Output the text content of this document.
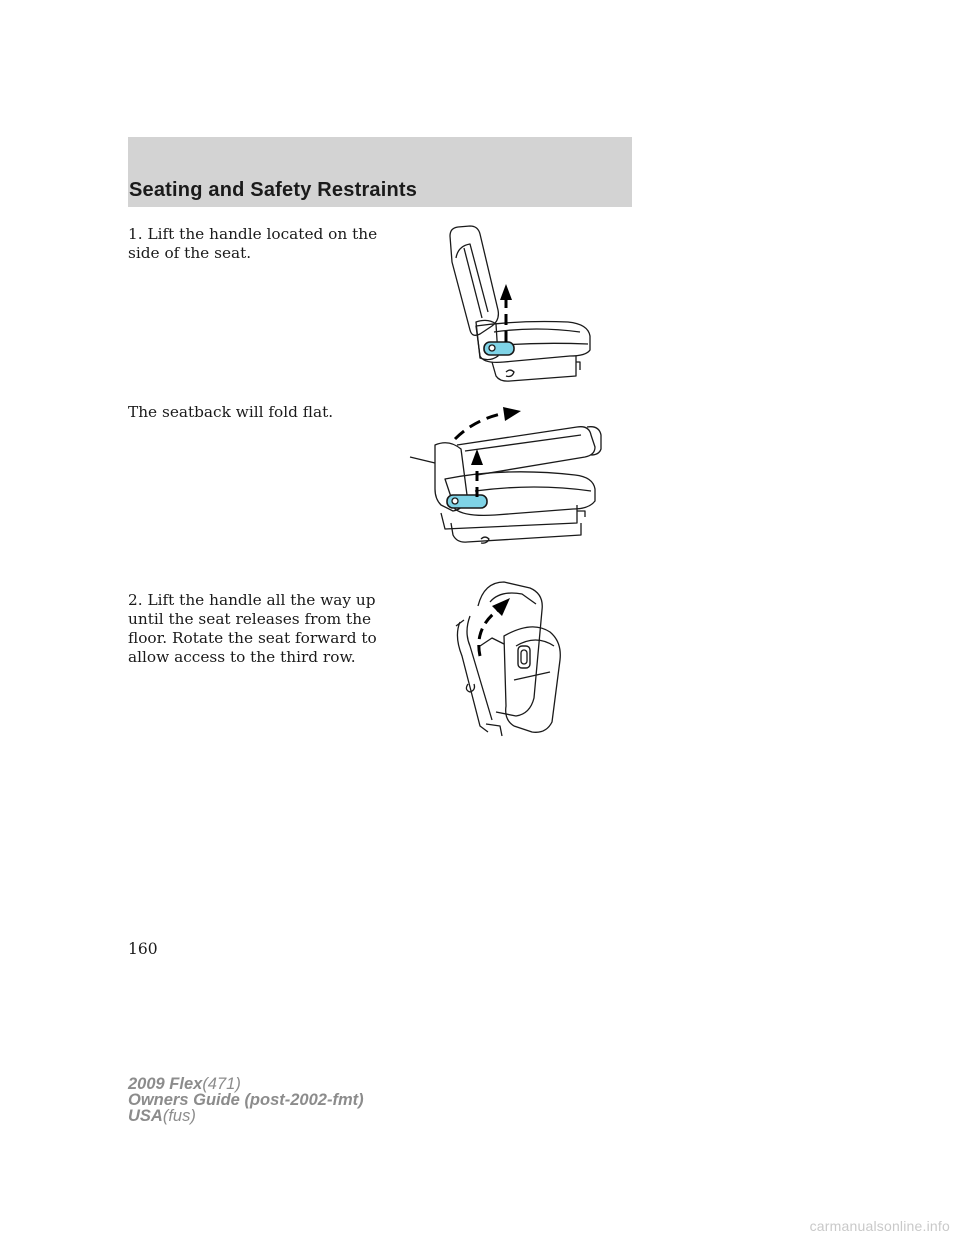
Seating and Safety Restraints

1. Lift the handle located on the
side of the seat.

The seatback will fold flat.

2. Lift the handle all the way up
until the seat releases from the
floor. Rotate the seat forward to
allow access to the third row.

160
2009 Flex(471)
Owners Guide (post-2002-fmt)
USA(fus)
carmanualsonline.info
